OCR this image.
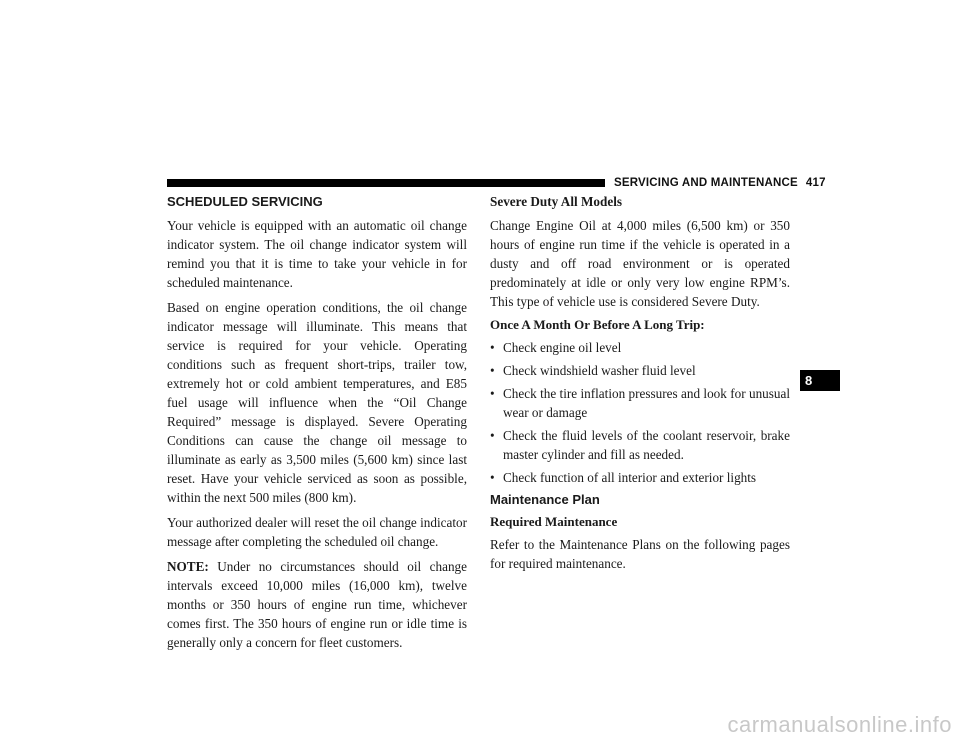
SERVICING AND MAINTENANCE 417
SCHEDULED SERVICING

Your vehicle is equipped with an automatic oil change indicator system. The oil change indicator system will remind you that it is time to take your vehicle in for scheduled maintenance.

Based on engine operation conditions, the oil change indicator message will illuminate. This means that service is required for your vehicle. Operating conditions such as frequent short-trips, trailer tow, extremely hot or cold ambient temperatures, and E85 fuel usage will influence when the “Oil Change Required” message is displayed. Severe Operating Conditions can cause the change oil message to illuminate as early as 3,500 miles (5,600 km) since last reset. Have your vehicle serviced as soon as possible, within the next 500 miles (800 km).

Your authorized dealer will reset the oil change indicator message after completing the scheduled oil change.

NOTE: Under no circumstances should oil change intervals exceed 10,000 miles (16,000 km), twelve months or 350 hours of engine run time, whichever comes first. The 350 hours of engine run or idle time is generally only a concern for fleet customers.

Severe Duty All Models

Change Engine Oil at 4,000 miles (6,500 km) or 350 hours of engine run time if the vehicle is operated in a dusty and off road environment or is operated predominately at idle or only very low engine RPM’s. This type of vehicle use is considered Severe Duty.

Once A Month Or Before A Long Trip:
• Check engine oil level
• Check windshield washer fluid level
• Check the tire inflation pressures and look for unusual wear or damage
• Check the fluid levels of the coolant reservoir, brake master cylinder and fill as needed.
• Check function of all interior and exterior lights
Maintenance Plan
Required Maintenance

Refer to the Maintenance Plans on the following pages for required maintenance.

8
carmanualsonline.info
